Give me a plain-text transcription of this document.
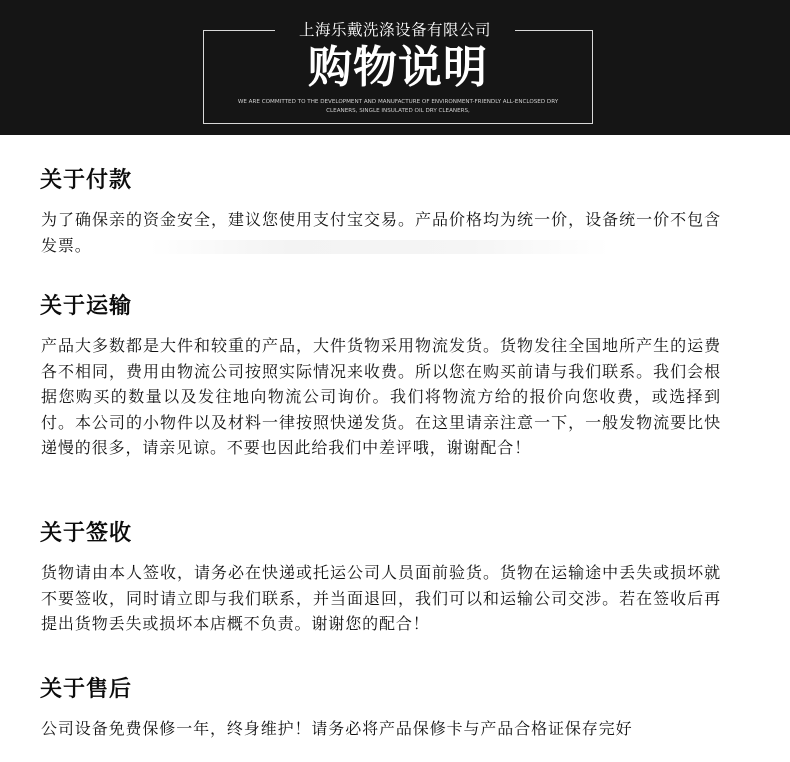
上海乐戴洗涤设备有限公司
购物说明
WE ARE COMMITTED TO THE DEVELOPMENT AND MANUFACTURE OF ENVIRONMENT-FRIENDLY ALL-ENCLOSED DRY
CLEANERS, SINGLE INSULATED OIL DRY CLEANERS,
关于付款

为了确保亲的资金安全，建议您使用支付宝交易。产品价格均为统一价，设备统一价不包含发票。

关于运输

产品大多数都是大件和较重的产品，大件货物采用物流发货。货物发往全国地所产生的运费各不相同，费用由物流公司按照实际情况来收费。所以您在购买前请与我们联系。我们会根据您购买的数量以及发往地向物流公司询价。我们将物流方给的报价向您收费，或选择到付。本公司的小物件以及材料一律按照快递发货。在这里请亲注意一下，一般发物流要比快递慢的很多，请亲见谅。不要也因此给我们中差评哦，谢谢配合！

关于签收

货物请由本人签收，请务必在快递或托运公司人员面前验货。货物在运输途中丢失或损坏就不要签收，同时请立即与我们联系，并当面退回，我们可以和运输公司交涉。若在签收后再提出货物丢失或损坏本店概不负责。谢谢您的配合！

关于售后

公司设备免费保修一年，终身维护！请务必将产品保修卡与产品合格证保存完好
